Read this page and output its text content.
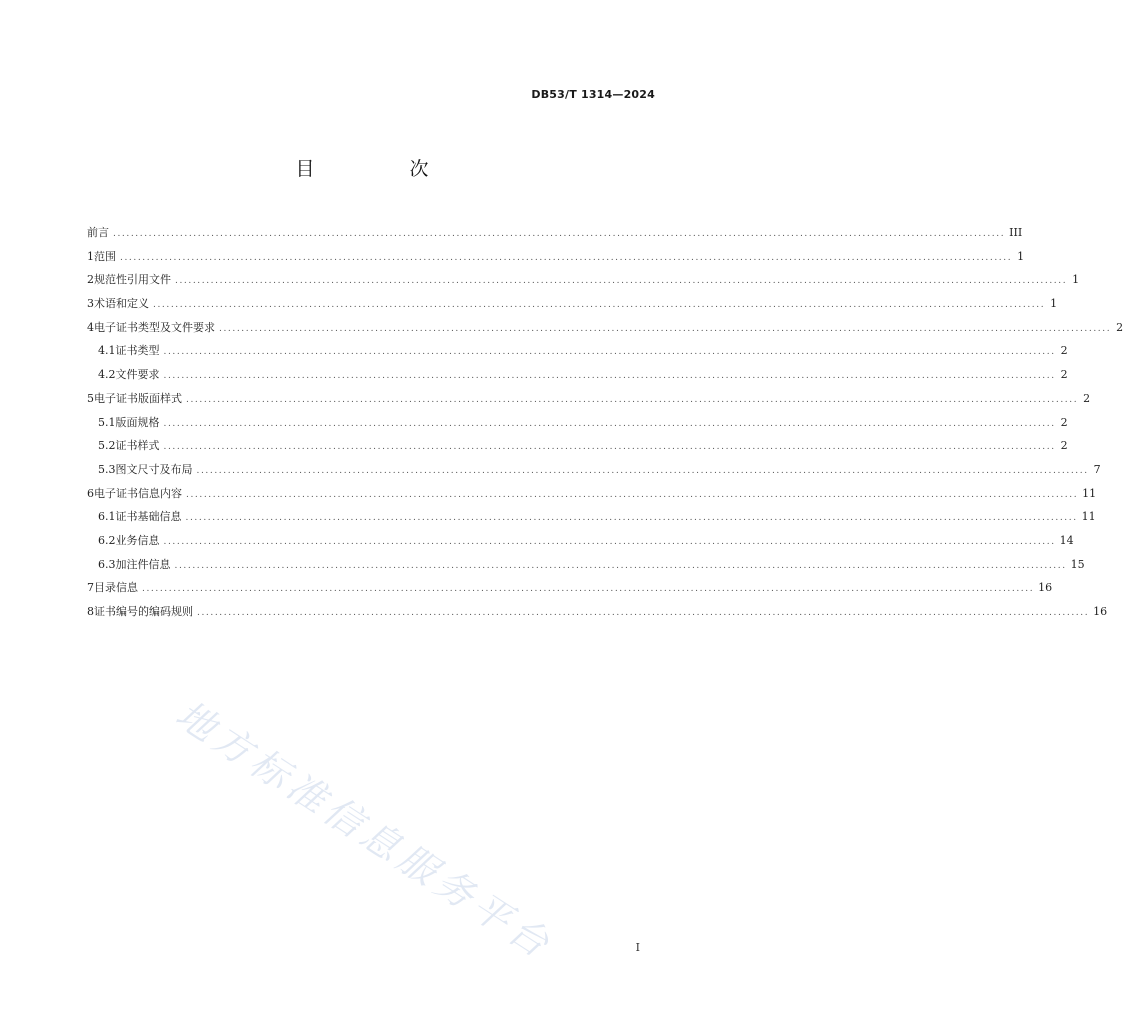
DB53/T 1314—2024
目　次
前言 ........................................................................................................................................................................................................ III
1 范围 ........................................................................................................................................................................................................ 1
2 规范性引用文件 ........................................................................................................................................................................................................ 1
3 术语和定义 ........................................................................................................................................................................................................ 1
4 电子证书类型及文件要求 ........................................................................................................................................................................................................ 2
4.1 证书类型 ........................................................................................................................................................................................................ 2
4.2 文件要求 ........................................................................................................................................................................................................ 2
5 电子证书版面样式 ........................................................................................................................................................................................................ 2
5.1 版面规格 ........................................................................................................................................................................................................ 2
5.2 证书样式 ........................................................................................................................................................................................................ 2
5.3 图文尺寸及布局 ........................................................................................................................................................................................................ 7
6 电子证书信息内容 ........................................................................................................................................................................................................ 11
6.1 证书基础信息 ........................................................................................................................................................................................................ 11
6.2 业务信息 ........................................................................................................................................................................................................ 14
6.3 加注件信息 ........................................................................................................................................................................................................ 15
7 目录信息 ........................................................................................................................................................................................................ 16
8 证书编号的编码规则 ........................................................................................................................................................................................................ 16
I
地方标准信息服务平台
